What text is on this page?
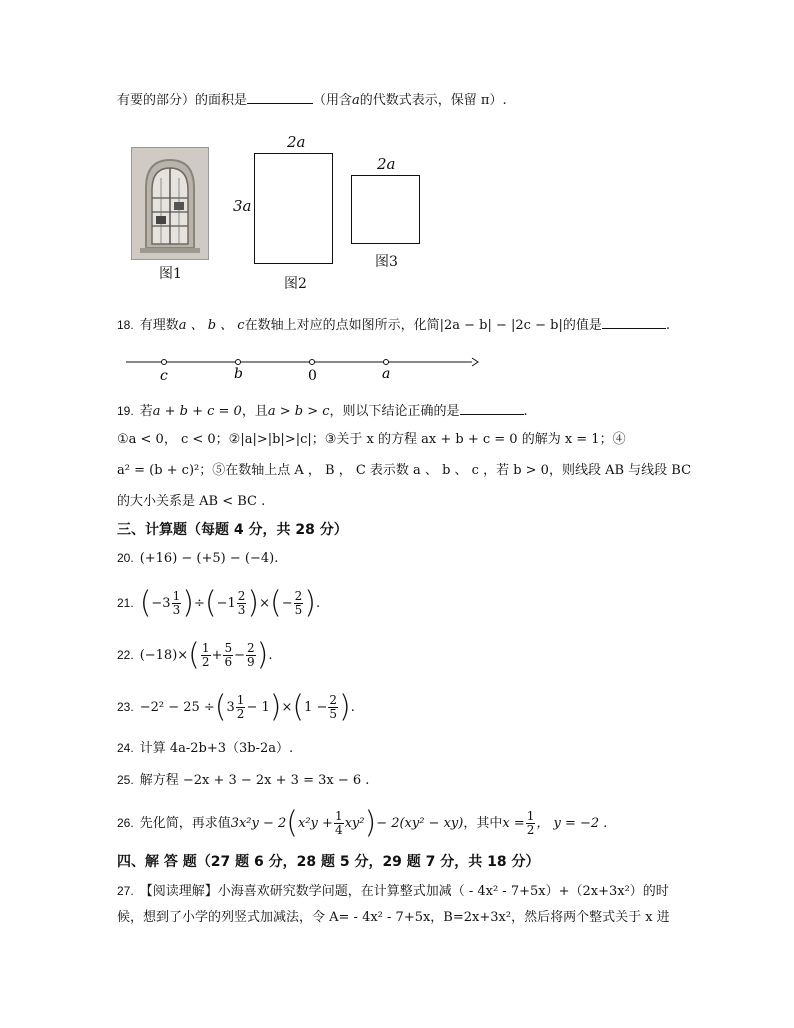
有要的部分）的面积是	（用含a的代数式表示，保留 π）.
图1
2a
3a
图2
2a
图3
18. 有理数a 、 b 、 c在数轴上对应的点如图所示，化简|2a − b| − |2c − b|的值是	.
c	b	0	a
19. 若a + b + c = 0，且a > b > c，则以下结论正确的是	.
①a < 0， c < 0；②|a|>|b|>|c|；③关于 x 的方程 ax + b + c = 0 的解为 x = 1；④
a² = (b + c)²；⑤在数轴上点 A ， B ， C 表示数 a 、 b 、 c ，若 b > 0，则线段 AB 与线段 BC
的大小关系是 AB < BC .
三、计算题（每题 4 分，共 28 分）
20. (+16) − (+5) − (−4).
21. $(-3 \frac{1}{3} )\div(-1 \frac{2}{3}$ )×(− $\frac{2}{5}$ ).
22. $(-18)\times( \frac{1}{2} + \frac{5}{6} - \frac{2}{9}$ ).
23. $-2^2 - 25 \div(3 \frac{1}{2} - 1)\times(1 - \frac{2}{5}$ ).
24. 计算 4a-2b+3（3b-2a）.
25. 解方程 −2x + 3 − 2x + 3 = 3x − 6 .
26. 先化简，再求值$3x^2y - 2(x^2y + \frac{1}{4} xy^2)- 2(xy^2 - xy)$，其中$x = \frac{1}{2}$ ， y = −2 .
四、解 答 题（27 题 6 分，28 题 5 分，29 题 7 分，共 18 分）
27. 【阅读理解】小海喜欢研究数学问题，在计算整式加减（ - 4x² - 7+5x）+（2x+3x²）的时
候，想到了小学的列竖式加减法，令 A= - 4x² - 7+5x，B=2x+3x²，然后将两个整式关于 x 进
